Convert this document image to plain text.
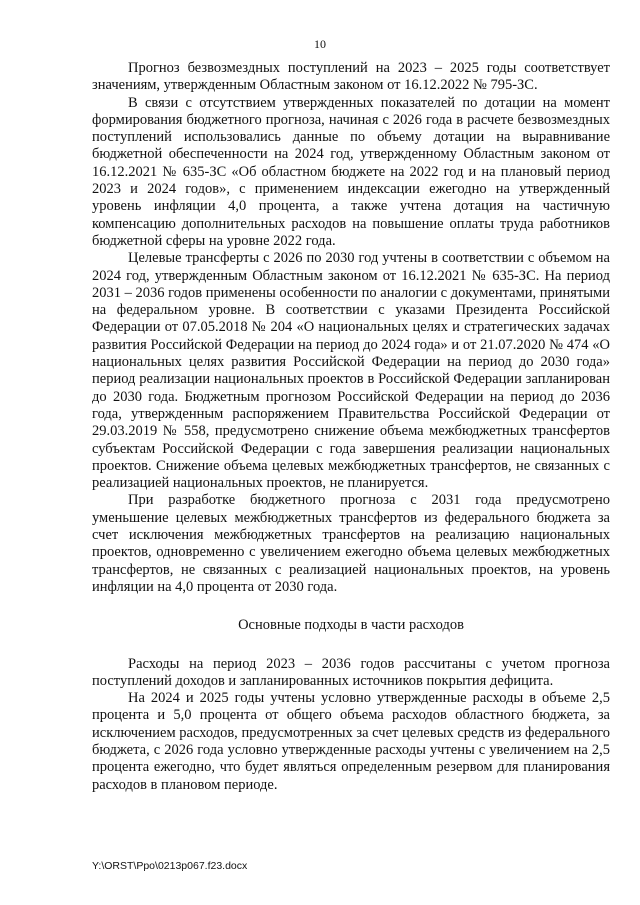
10

Прогноз безвозмездных поступлений на 2023 – 2025 годы соответствует значениям, утвержденным Областным законом от 16.12.2022 № 795-ЗС.

В связи с отсутствием утвержденных показателей по дотации на момент формирования бюджетного прогноза, начиная с 2026 года в расчете безвозмездных поступлений использовались данные по объему дотации на выравнивание бюджетной обеспеченности на 2024 год, утвержденному Областным законом от 16.12.2021 № 635-ЗС «Об областном бюджете на 2022 год и на плановый период 2023 и 2024 годов», с применением индексации ежегодно на утвержденный уровень инфляции 4,0 процента, а также учтена дотация на частичную компенсацию дополнительных расходов на повышение оплаты труда работников бюджетной сферы на уровне 2022 года.

Целевые трансферты с 2026 по 2030 год учтены в соответствии с объемом на 2024 год, утвержденным Областным законом от 16.12.2021 № 635-ЗС. На период 2031 – 2036 годов применены особенности по аналогии с документами, принятыми на федеральном уровне. В соответствии с указами Президента Российской Федерации от 07.05.2018 № 204 «О национальных целях и стратегических задачах развития Российской Федерации на период до 2024 года» и от 21.07.2020 № 474 «О национальных целях развития Российской Федерации на период до 2030 года» период реализации национальных проектов в Российской Федерации запланирован до 2030 года. Бюджетным прогнозом Российской Федерации на период до 2036 года, утвержденным распоряжением Правительства Российской Федерации от 29.03.2019 № 558, предусмотрено снижение объема межбюджетных трансфертов субъектам Российской Федерации с года завершения реализации национальных проектов. Снижение объема целевых межбюджетных трансфертов, не связанных с реализацией национальных проектов, не планируется.

При разработке бюджетного прогноза с 2031 года предусмотрено уменьшение целевых межбюджетных трансфертов из федерального бюджета за счет исключения межбюджетных трансфертов на реализацию национальных проектов, одновременно с увеличением ежегодно объема целевых межбюджетных трансфертов, не связанных с реализацией национальных проектов, на уровень инфляции на 4,0 процента от 2030 года.

Основные подходы в части расходов

Расходы на период 2023 – 2036 годов рассчитаны с учетом прогноза поступлений доходов и запланированных источников покрытия дефицита.

На 2024 и 2025 годы учтены условно утвержденные расходы в объеме 2,5 процента и 5,0 процента от общего объема расходов областного бюджета, за исключением расходов, предусмотренных за счет целевых средств из федерального бюджета, с 2026 года условно утвержденные расходы учтены с увеличением на 2,5 процента ежегодно, что будет являться определенным резервом для планирования расходов в плановом периоде.

Y:\ORST\Ppo\0213p067.f23.docx
